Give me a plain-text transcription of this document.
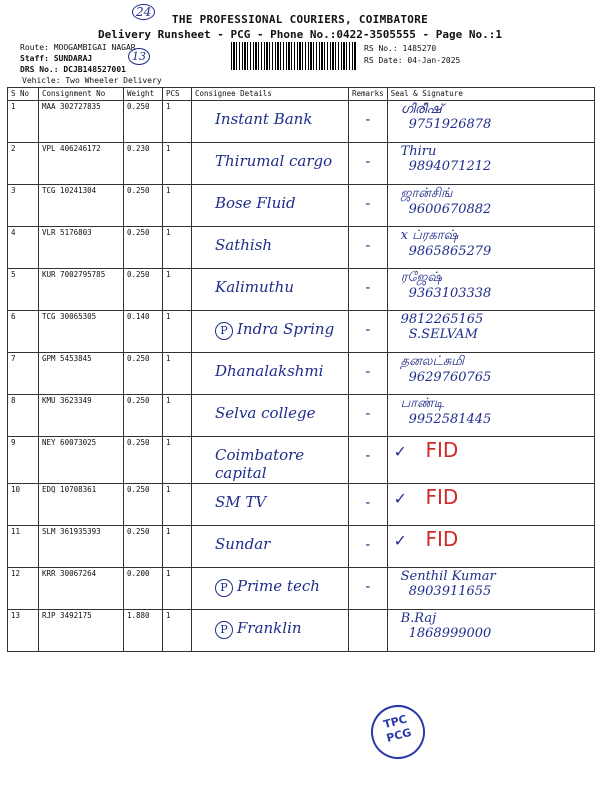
24
THE PROFESSIONAL COURIERS, COIMBATORE
Delivery Runsheet - PCG - Phone No.:0422-3505555 - Page No.:1
Route: MOOGAMBIGAI NAGAR
Staff: SUNDARAJ
DRS No.: DCJB148527001
Vehicle: Two Wheeler Delivery
13
RS No.: 1485270
RS Date: 04-Jan-2025
S No	Consignment No	Weight	PCS	Consignee Details	Remarks	Seal & Signature
1	MAA 302727835	0.250	1	Instant Bank	-	ഗിരീഷ്
9751926878

2	VPL 406246172	0.230	1	Thirumal cargo	-	Thiru
9894071212

3	TCG 10241304	0.250	1	Bose Fluid	-	ஜான்சிங்
9600670882

4	VLR 5176803	0.250	1	Sathish	-	x ப்ரகாஷ்
9865865279

5	KUR 7002795785	0.250	1	Kalimuthu	-	ரஜேஷ்
9363103338

6	TCG 30065305	0.140	1	P Indra Spring	-	9812265165
S.SELVAM

7	GPM 5453845	0.250	1	Dhanalakshmi	-	தனலட்சுமி
9629760765

8	KMU 3623349	0.250	1	Selva college	-	பாண்டி
9952581445

9	NEY 60073025	0.250	1	Coimbatore capital	-	✓ FID
10	EDQ 10708361	0.250	1	SM TV	-	✓ FID
11	SLM 361935393	0.250	1	Sundar	-	✓ FID
12	KRR 30067264	0.200	1	P Prime tech	-	Senthil Kumar
8903911655

13	RJP 3492175	1.880	1	P Franklin		B.Raj
1868999000
TPC
PCG
